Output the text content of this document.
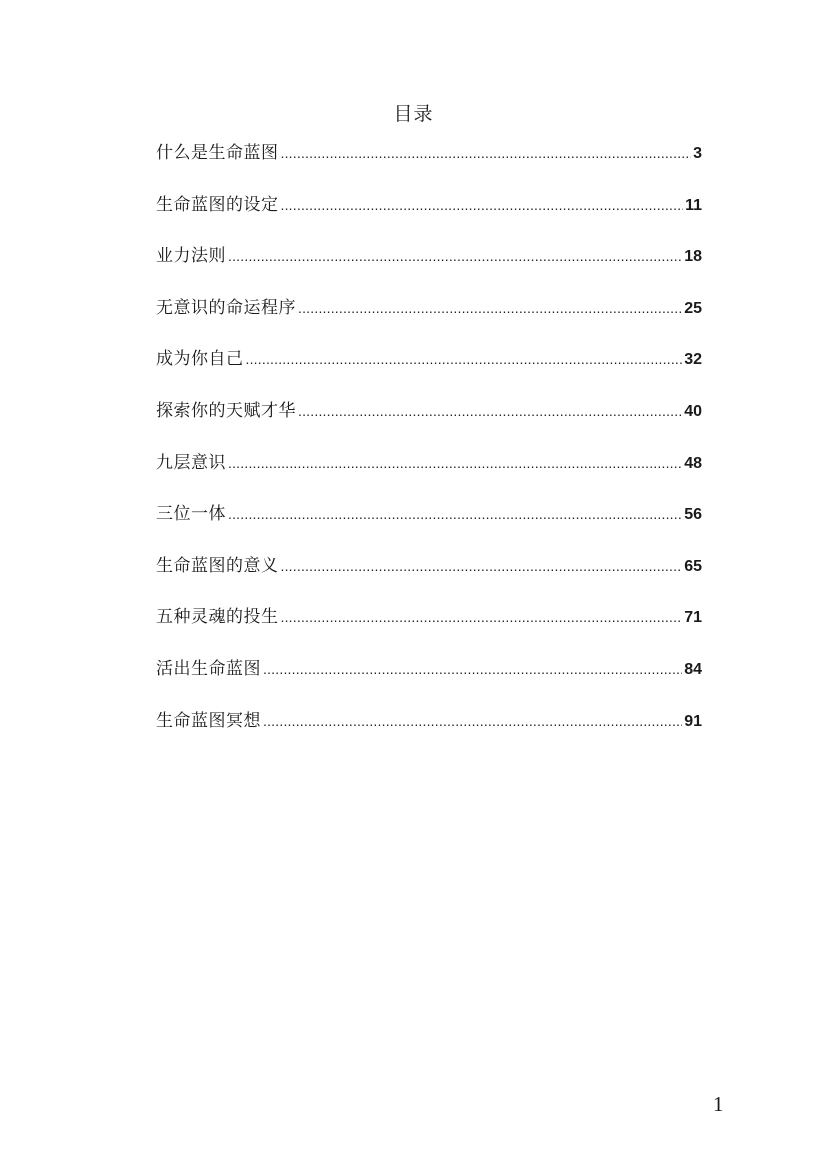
目录
什么是生命蓝图 .....	3
生命蓝图的设定 .....	11
业力法则 .....	18
无意识的命运程序 .....	25
成为你自己 .....	32
探索你的天赋才华 .....	40
九层意识 .....	48
三位一体 .....	56
生命蓝图的意义 .....	65
五种灵魂的投生 .....	71
活出生命蓝图 .....	84
生命蓝图冥想 .....	91
1
